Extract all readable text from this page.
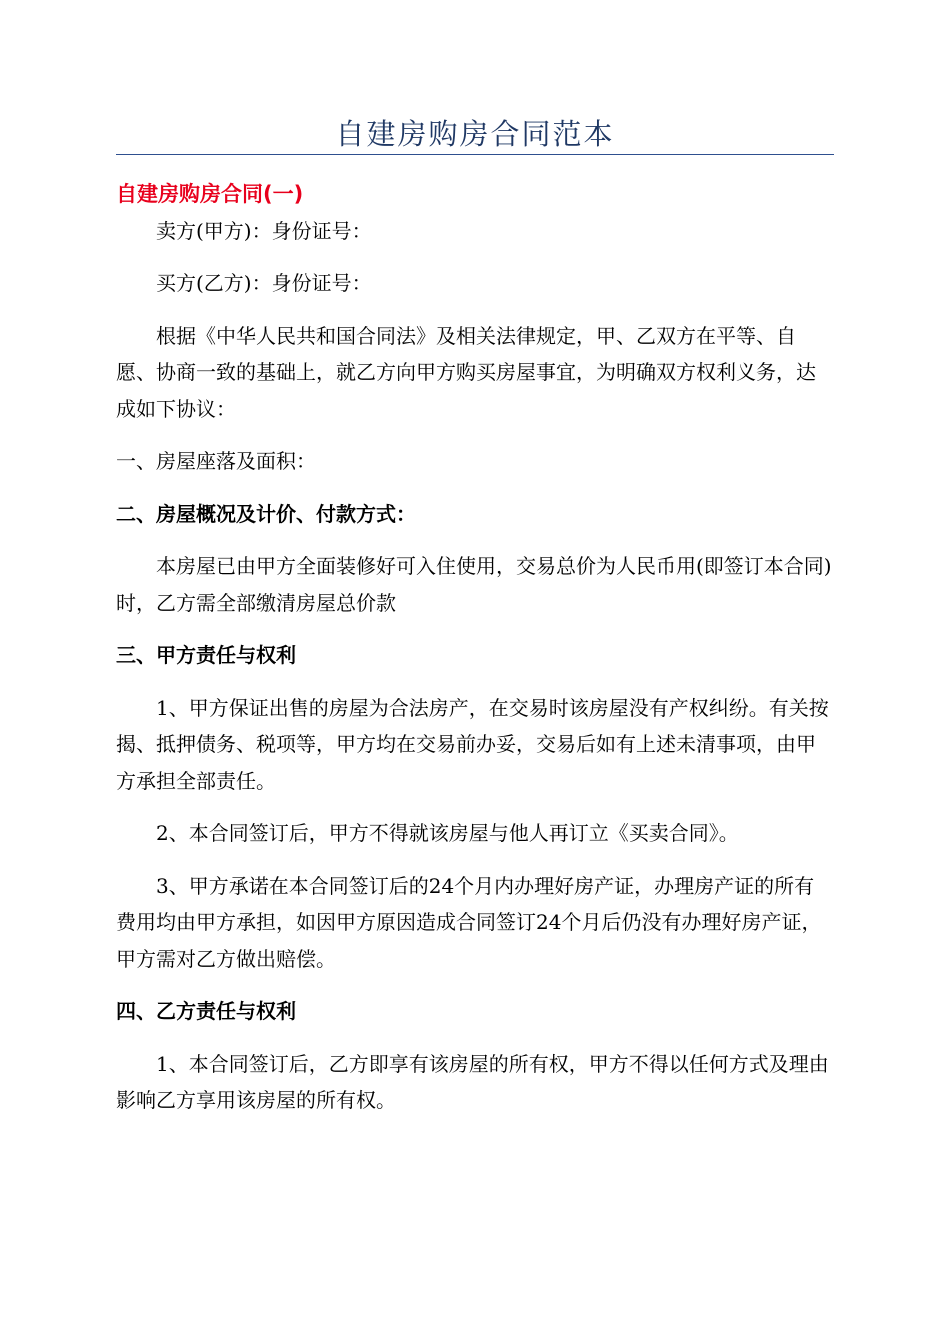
自建房购房合同范本

自建房购房合同(一)

卖方(甲方)：身份证号：

买方(乙方)：身份证号：

根据《中华人民共和国合同法》及相关法律规定，甲、乙双方在平等、自愿、协商一致的基础上，就乙方向甲方购买房屋事宜，为明确双方权利义务，达成如下协议：

一、房屋座落及面积：

二、房屋概况及计价、付款方式：

本房屋已由甲方全面装修好可入住使用，交易总价为人民币用(即签订本合同)时，乙方需全部缴清房屋总价款

三、甲方责任与权利

1、甲方保证出售的房屋为合法房产，在交易时该房屋没有产权纠纷。有关按揭、抵押债务、税项等，甲方均在交易前办妥，交易后如有上述未清事项，由甲方承担全部责任。

2、本合同签订后，甲方不得就该房屋与他人再订立《买卖合同》。

3、甲方承诺在本合同签订后的24个月内办理好房产证，办理房产证的所有费用均由甲方承担，如因甲方原因造成合同签订24个月后仍没有办理好房产证，甲方需对乙方做出赔偿。

四、乙方责任与权利

1、本合同签订后，乙方即享有该房屋的所有权，甲方不得以任何方式及理由影响乙方享用该房屋的所有权。
